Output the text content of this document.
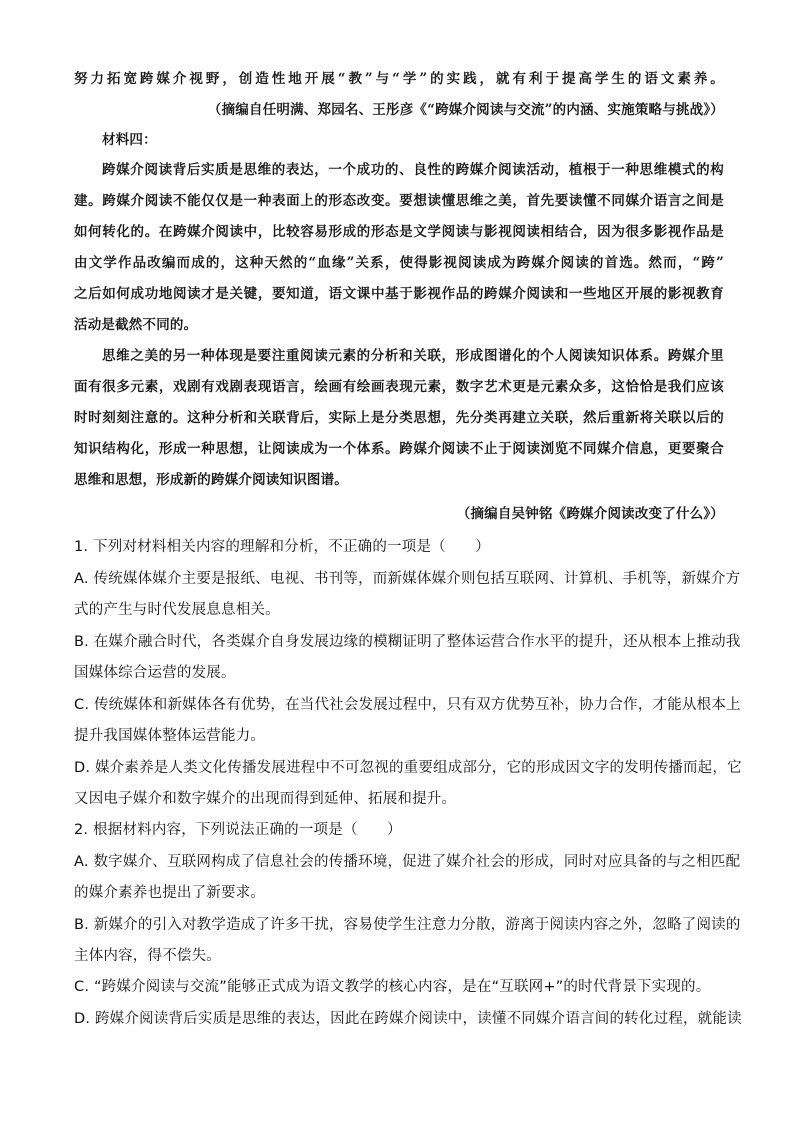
努力拓宽跨媒介视野，创造性地开展“教”与“学”的实践，就有利于提高学生的语文素养。
（摘编自任明满、郑园名、王彤彦《“跨媒介阅读与交流”的内涵、实施策略与挑战》）
材料四：
跨媒介阅读背后实质是思维的表达，一个成功的、良性的跨媒介阅读活动，植根于一种思维模式的构
建。跨媒介阅读不能仅仅是一种表面上的形态改变。要想读懂思维之美，首先要读懂不同媒介语言之间是
如何转化的。在跨媒介阅读中，比较容易形成的形态是文学阅读与影视阅读相结合，因为很多影视作品是
由文学作品改编而成的，这种天然的“血缘”关系，使得影视阅读成为跨媒介阅读的首选。然而，“跨”
之后如何成功地阅读才是关键，要知道，语文课中基于影视作品的跨媒介阅读和一些地区开展的影视教育
活动是截然不同的。
思维之美的另一种体现是要注重阅读元素的分析和关联，形成图谱化的个人阅读知识体系。跨媒介里
面有很多元素，戏剧有戏剧表现语言，绘画有绘画表现元素，数字艺术更是元素众多，这恰恰是我们应该
时时刻刻注意的。这种分析和关联背后，实际上是分类思想，先分类再建立关联，然后重新将关联以后的
知识结构化，形成一种思想，让阅读成为一个体系。跨媒介阅读不止于阅读浏览不同媒介信息，更要聚合
思维和思想，形成新的跨媒介阅读知识图谱。
（摘编自吴钟铭《跨媒介阅读改变了什么》）
1. 下列对材料相关内容的理解和分析，不正确的一项是（　　）
A. 传统媒体媒介主要是报纸、电视、书刊等，而新媒体媒介则包括互联网、计算机、手机等，新媒介方
式的产生与时代发展息息相关。
B. 在媒介融合时代，各类媒介自身发展边缘的模糊证明了整体运营合作水平的提升，还从根本上推动我
国媒体综合运营的发展。
C. 传统媒体和新媒体各有优势，在当代社会发展过程中，只有双方优势互补，协力合作，才能从根本上
提升我国媒体整体运营能力。
D. 媒介素养是人类文化传播发展进程中不可忽视的重要组成部分，它的形成因文字的发明传播而起，它
又因电子媒介和数字媒介的出现而得到延伸、拓展和提升。
2. 根据材料内容，下列说法正确的一项是（　　）
A. 数字媒介、互联网构成了信息社会的传播环境，促进了媒介社会的形成，同时对应具备的与之相匹配
的媒介素养也提出了新要求。
B. 新媒介的引入对教学造成了许多干扰，容易使学生注意力分散，游离于阅读内容之外，忽略了阅读的
主体内容，得不偿失。
C. “跨媒介阅读与交流”能够正式成为语文教学的核心内容，是在“互联网+”的时代背景下实现的。
D. 跨媒介阅读背后实质是思维的表达，因此在跨媒介阅读中，读懂不同媒介语言间的转化过程，就能读
